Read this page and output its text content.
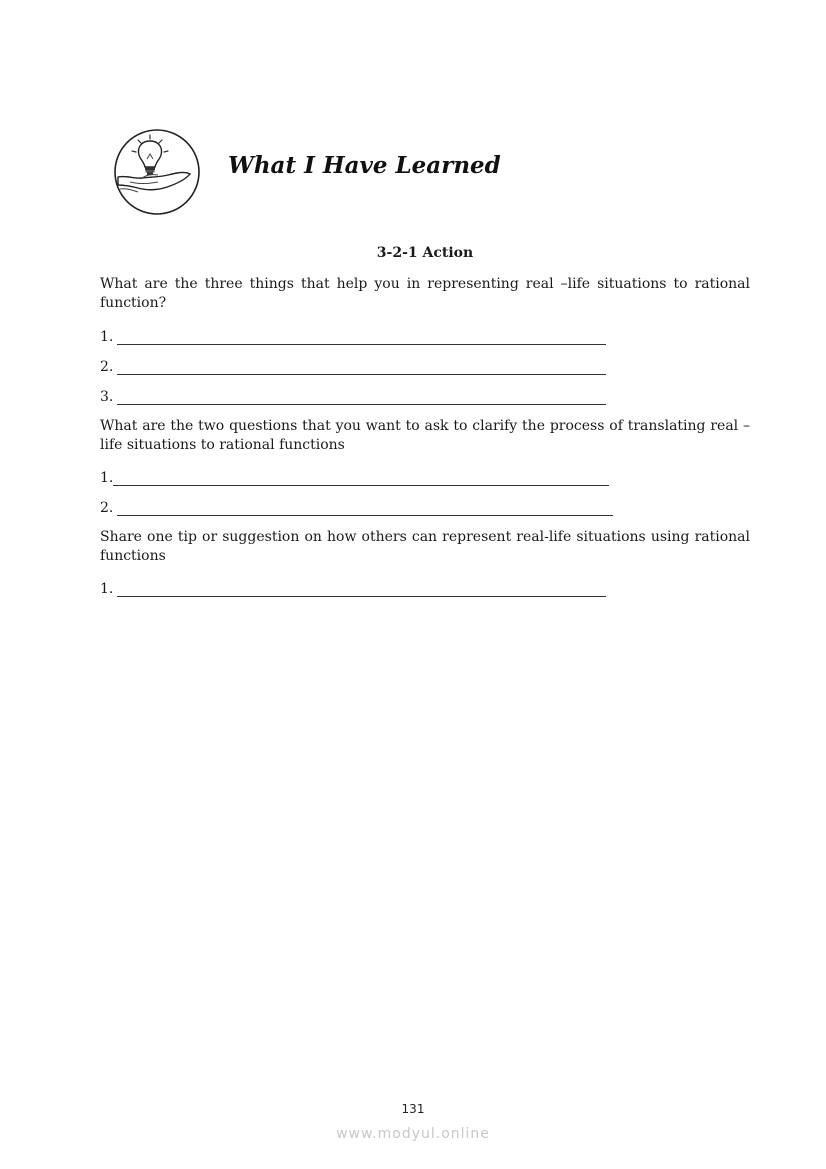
What I Have Learned
3-2-1 Action
What are the three things that help you in representing real –life situations to rational function?
1.
2.
3.
What are the two questions that you want to ask to clarify the process of translating real – life situations to rational functions
1.
2.
Share one tip or suggestion on how others can represent real-life situations using rational functions
1.
131
www.modyul.online
